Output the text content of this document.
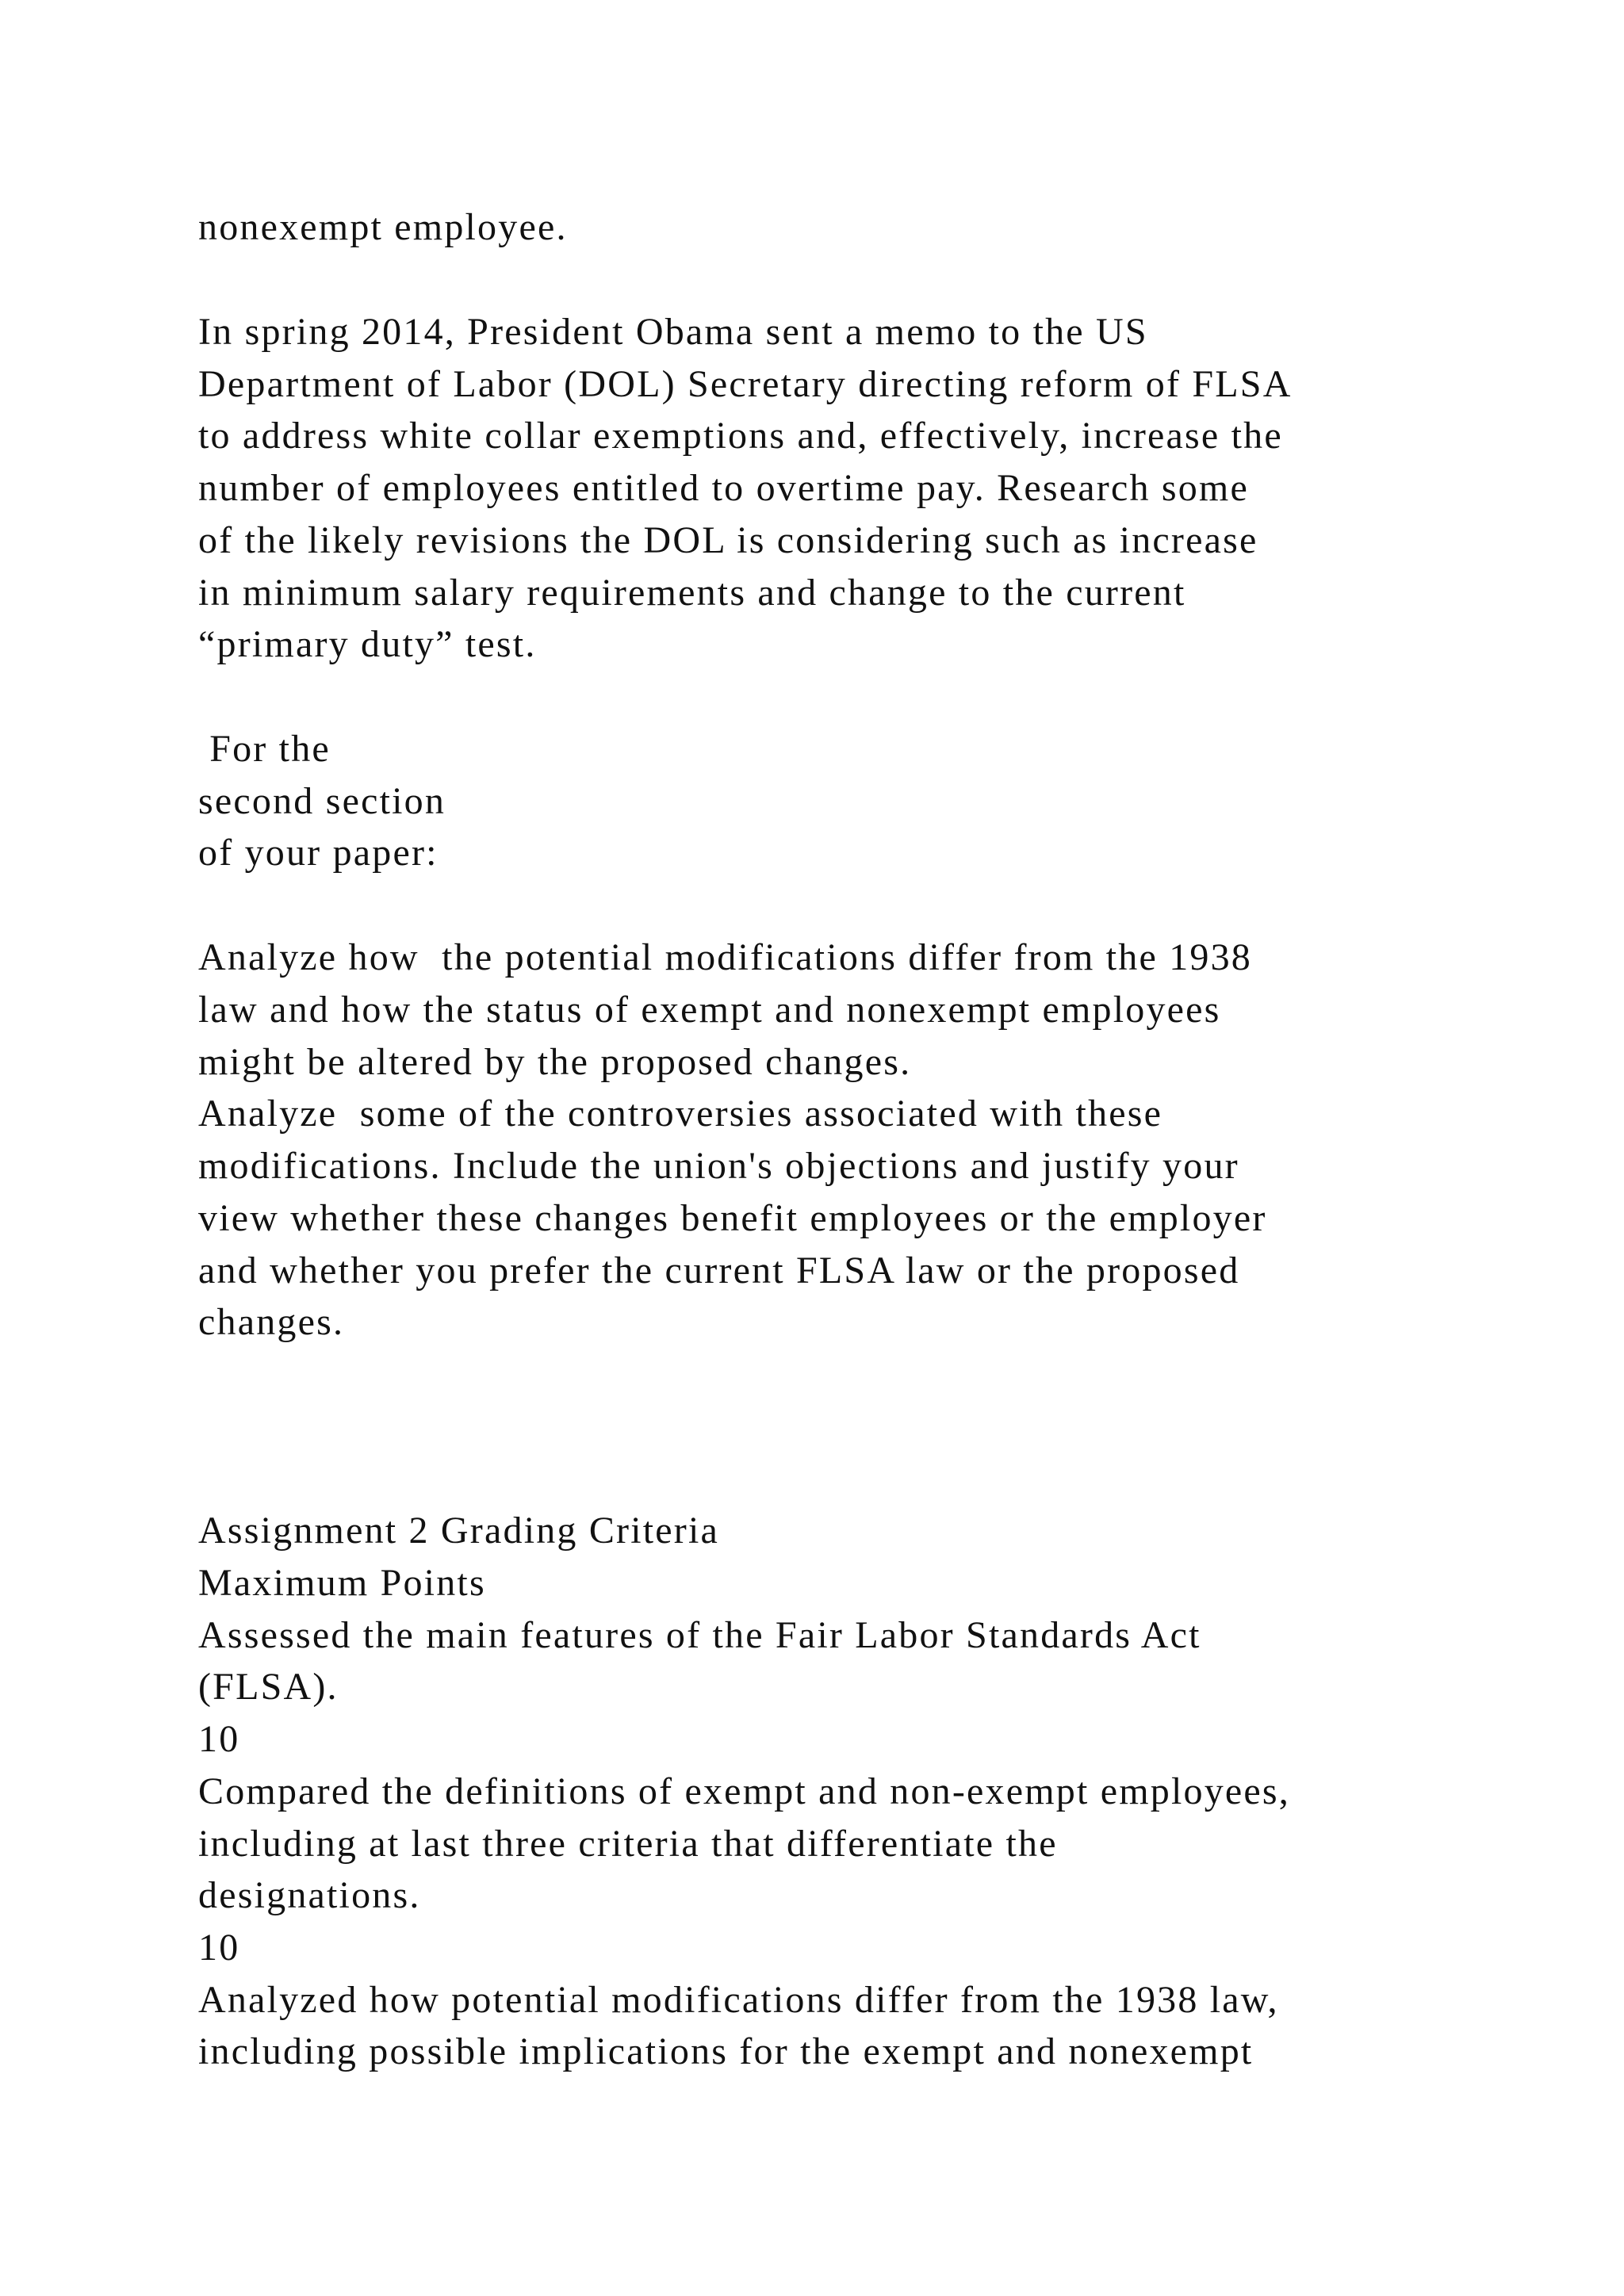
nonexempt employee.
In spring 2014, President Obama sent a memo to the US
Department of Labor (DOL) Secretary directing reform of FLSA
to address white collar exemptions and, effectively, increase the
number of employees entitled to overtime pay. Research some
of the likely revisions the DOL is considering such as increase
in minimum salary requirements and change to the current
“primary duty” test.
For the
second section
of your paper:
Analyze how  the potential modifications differ from the 1938
law and how the status of exempt and nonexempt employees
might be altered by the proposed changes.
Analyze  some of the controversies associated with these
modifications. Include the union's objections and justify your
view whether these changes benefit employees or the employer
and whether you prefer the current FLSA law or the proposed
changes.
Assignment 2 Grading Criteria
Maximum Points
Assessed the main features of the Fair Labor Standards Act
(FLSA).
10
Compared the definitions of exempt and non-exempt employees,
including at last three criteria that differentiate the
designations.
10
Analyzed how potential modifications differ from the 1938 law,
including possible implications for the exempt and nonexempt
